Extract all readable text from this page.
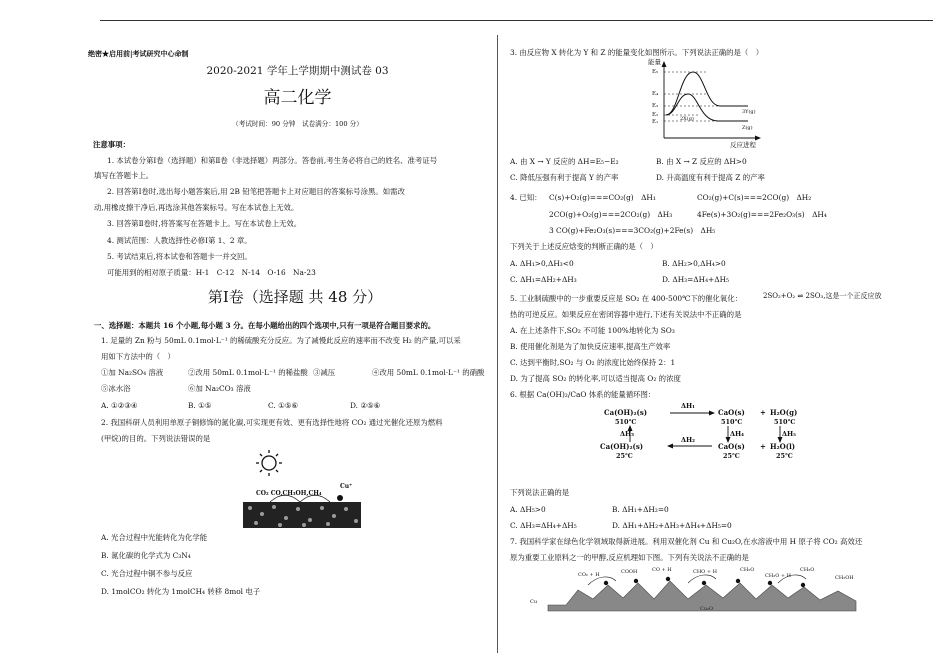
绝密★启用前|考试研究中心命制
2020-2021 学年上学期期中测试卷 03
高二化学
（考试时间：90 分钟　试卷满分：100 分）
注意事项：
1. 本试卷分第Ⅰ卷（选择题）和第Ⅱ卷（非选择题）两部分。答卷前,考生务必将自己的姓名、准考证号
填写在答题卡上。
2. 回答第Ⅰ卷时,选出每小题答案后,用 2B 铅笔把答题卡上对应题目的答案标号涂黑。如需改
动,用橡皮擦干净后,再选涂其他答案标号。写在本试卷上无效。
3. 回答第Ⅱ卷时,将答案写在答题卡上。写在本试卷上无效。
4. 测试范围：人教选择性必修Ⅰ第 1、2 章。
5. 考试结束后,将本试卷和答题卡一并交回。
可能用到的相对原子质量：H-1　C-12　N-14　O-16　Na-23
第Ⅰ卷（选择题 共 48 分）
一、选择题：本题共 16 个小题,每小题 3 分。在每小题给出的四个选项中,只有一项是符合题目要求的。
1. 足量的 Zn 粉与 50mL 0.1mol·L⁻¹ 的稀硫酸充分反应。为了减慢此反应的速率而不改变 H₂ 的产量,可以采
用如下方法中的（　）
①加 Na₂SO₄ 溶液	②改用 50mL 0.1mol·L⁻¹ 的稀盐酸 ③减压	④改用 50mL 0.1mol·L⁻¹ 的硝酸
⑤冰水浴	⑥加 Na₂CO₃ 溶液
A. ①②③④	B. ①⑤	C. ①⑤⑥	D. ②⑤⑥
2. 我国科研人员利用单原子铜修饰的氮化碳,可实现更有效、更有选择性地将 CO₂ 通过光催化还原为燃料
(甲烷)的目的。下列说法错误的是
CO₂ CO,CH₃OH,CH₄
Cu⁺
A. 光合过程中光能转化为化学能
B. 氮化碳的化学式为 C₃N₄
C. 光合过程中铜不参与反应
D. 1molCO₂ 转化为 1molCH₄ 转移 8mol 电子
3. 由反应物 X 转化为 Y 和 Z 的能量变化如图所示。下列说法正确的是（　）
能量
E₅
E₄
E₃
E₂
E₁	2X(g)
3Y(g)
Z(g)
反应进程
A. 由 X → Y 反应的 ΔH=E₅−E₂	B. 由 X → Z 反应的 ΔH>0
C. 降低压强有利于提高 Y 的产率	D. 升高温度有利于提高 Z 的产率
4. 已知： C(s)+O₂(g)===CO₂(g)　ΔH₁	CO₂(g)+C(s)===2CO(g)　ΔH₂
2CO(g)+O₂(g)===2CO₂(g)　ΔH₃	4Fe(s)+3O₂(g)===2Fe₂O₃(s)　ΔH₄
3 CO(g)+Fe₂O₃(s)===3CO₂(g)+2Fe(s)　ΔH₅
下列关于上述反应焓变的判断正确的是（　）
A. ΔH₁>0,ΔH₃<0	B. ΔH₂>0,ΔH₄>0
C. ΔH₁=ΔH₂+ΔH₃	D. ΔH₃=ΔH₄+ΔH₅
5. 工业制硫酸中的一步重要反应是 SO₂ 在 400-500℃下的催化氧化：	2SO₂+O₂ ⇌ 2SO₃,这是一个正反应放
热的可逆反应。如果反应在密闭容器中进行,下述有关说法中不正确的是
A. 在上述条件下,SO₂ 不可能 100%地转化为 SO₃
B. 使用催化剂是为了加快反应速率,提高生产效率
C. 达到平衡时,SO₂ 与 O₂ 的浓度比始终保持 2：1
D. 为了提高 SO₂ 的转化率,可以适当提高 O₂ 的浓度
6. 根据 Ca(OH)₂/CaO 体系的能量循环图：
Ca(OH)₂(s)
510℃
ΔH₁
CaO(s)
510℃
+ H₂O(g)
510℃
ΔH₃	ΔH₄	ΔH₅
Ca(OH)₂(s)
25℃
ΔH₂
CaO(s)
25℃
+ H₂O(l)
25℃
下列说法正确的是
A. ΔH₅>0	B. ΔH₁+ΔH₂=0
C. ΔH₃=ΔH₄+ΔH₅	D. ΔH₁+ΔH₂+ΔH₃+ΔH₄+ΔH₅=0
7. 我国科学家在绿色化学领域取得新进展。利用双催化剂 Cu 和 Cu₂O,在水溶液中用 H 原子将 CO₂ 高效还
原为重要工业原料之一的甲醇,反应机理如下图。下列有关说法不正确的是
CO₂ + H	COOH	CO + H	CHO + H	CH₂O
CH₂O + H
CH₃O
CH₃OH
Cu
Cu₂O
